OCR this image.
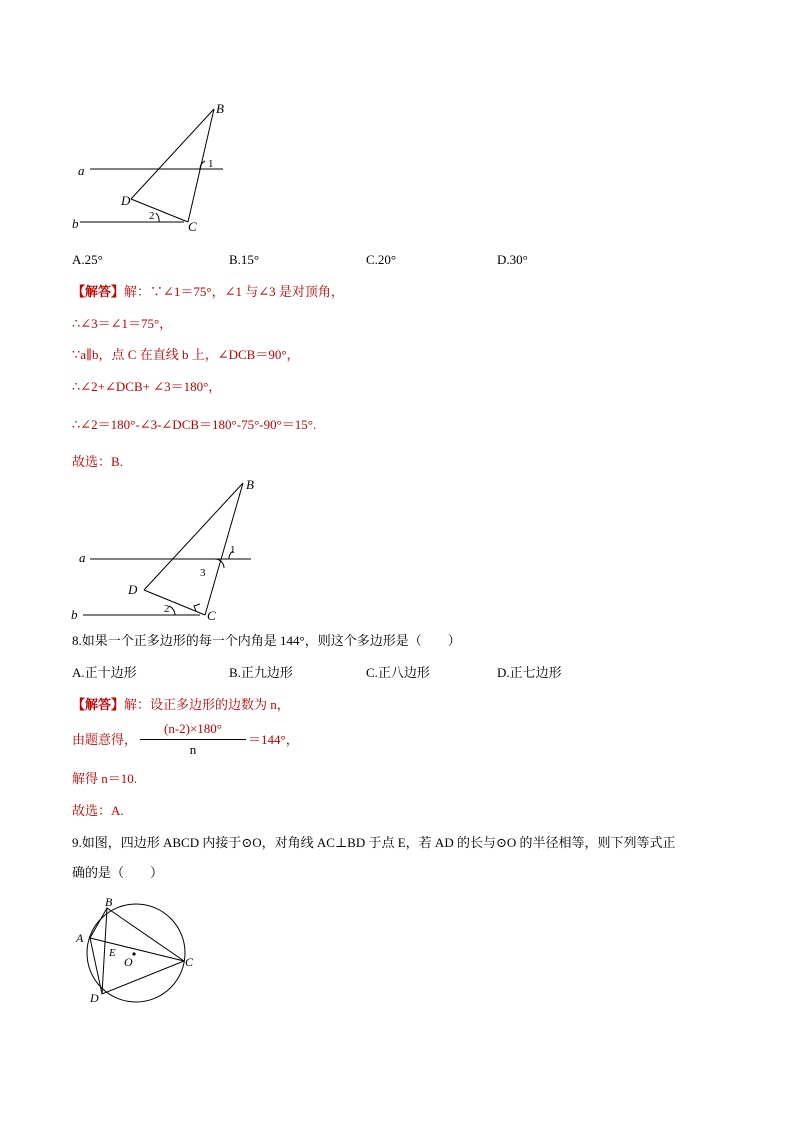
B
a	1
D
2
b	C
A.25°	B.15°	C.20°	D.30°
【解答】解：∵∠1＝75°，∠1 与∠3 是对顶角，
∴∠3＝∠1＝75°，
∵a∥b，点 C 在直线 b 上，∠DCB＝90°，
∴∠2+∠DCB+ ∠3＝180°，
∴∠2＝180°-∠3-∠DCB＝180°-75°-90°＝15°.
故选：B.
B
a	1
3
D
2
b	C
8.如果一个正多边形的每一个内角是 144°，则这个多边形是（　　）
A.正十边形	B.正九边形	C.正八边形	D.正七边形
【解答】解：设正多边形的边数为 n，
由题意得，
(n-2)×180°
n
＝144°，
解得 n＝10.
故选：A.
9.如图，四边形 ABCD 内接于⊙O，对角线 AC⊥BD 于点 E，若 AD 的长与⊙O 的半径相等，则下列等式正
确的是（　　）
B
A
E
O	C
D
